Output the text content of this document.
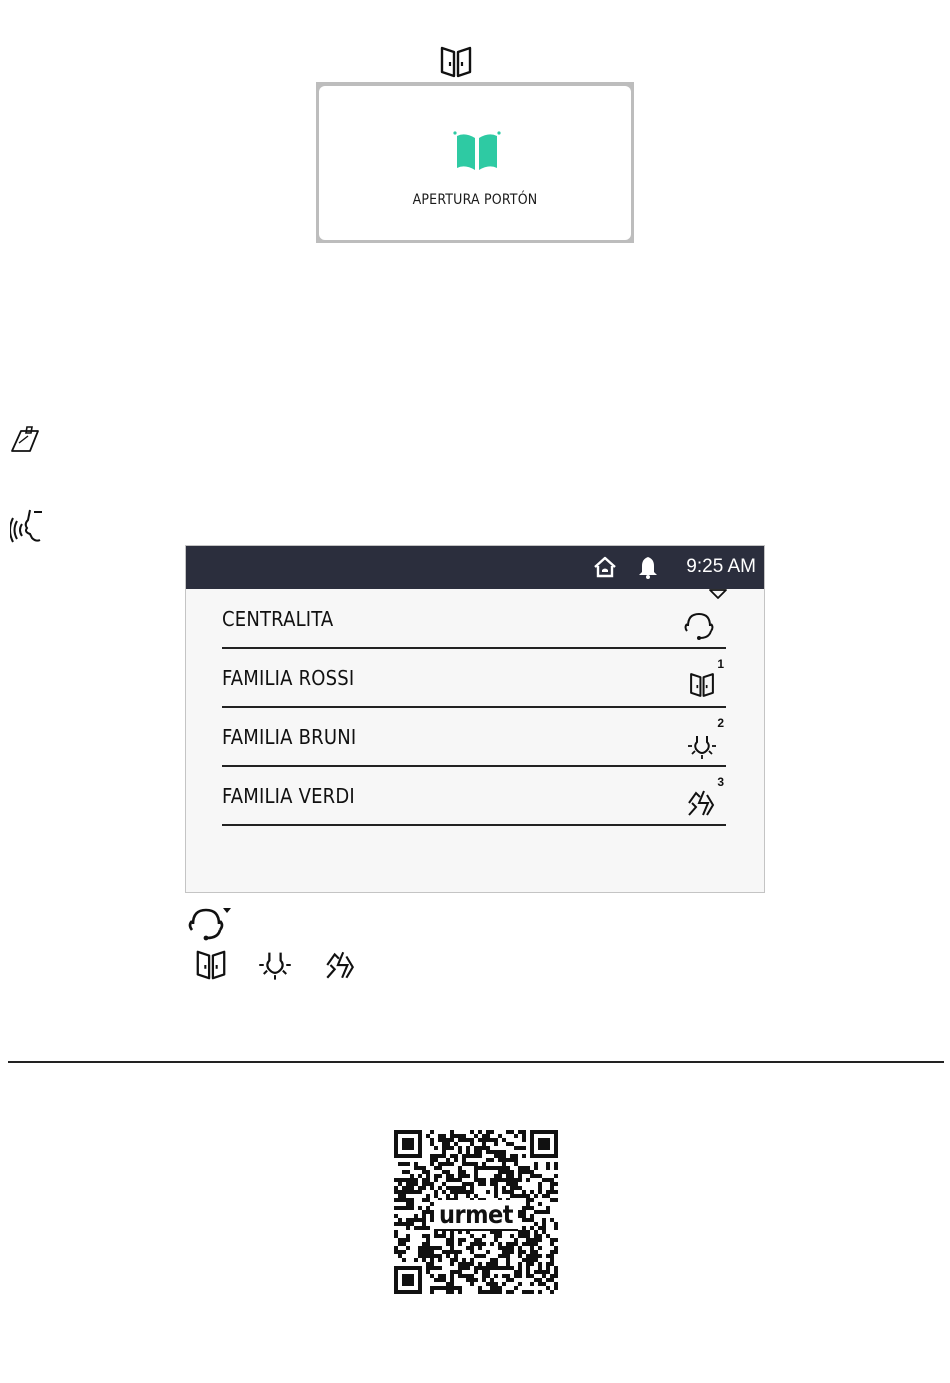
APERTURA PORTÓN
9:25 AM
CENTRALITA
FAMILIA ROSSI
1
FAMILIA BRUNI
2
FAMILIA VERDI
3
urmet
